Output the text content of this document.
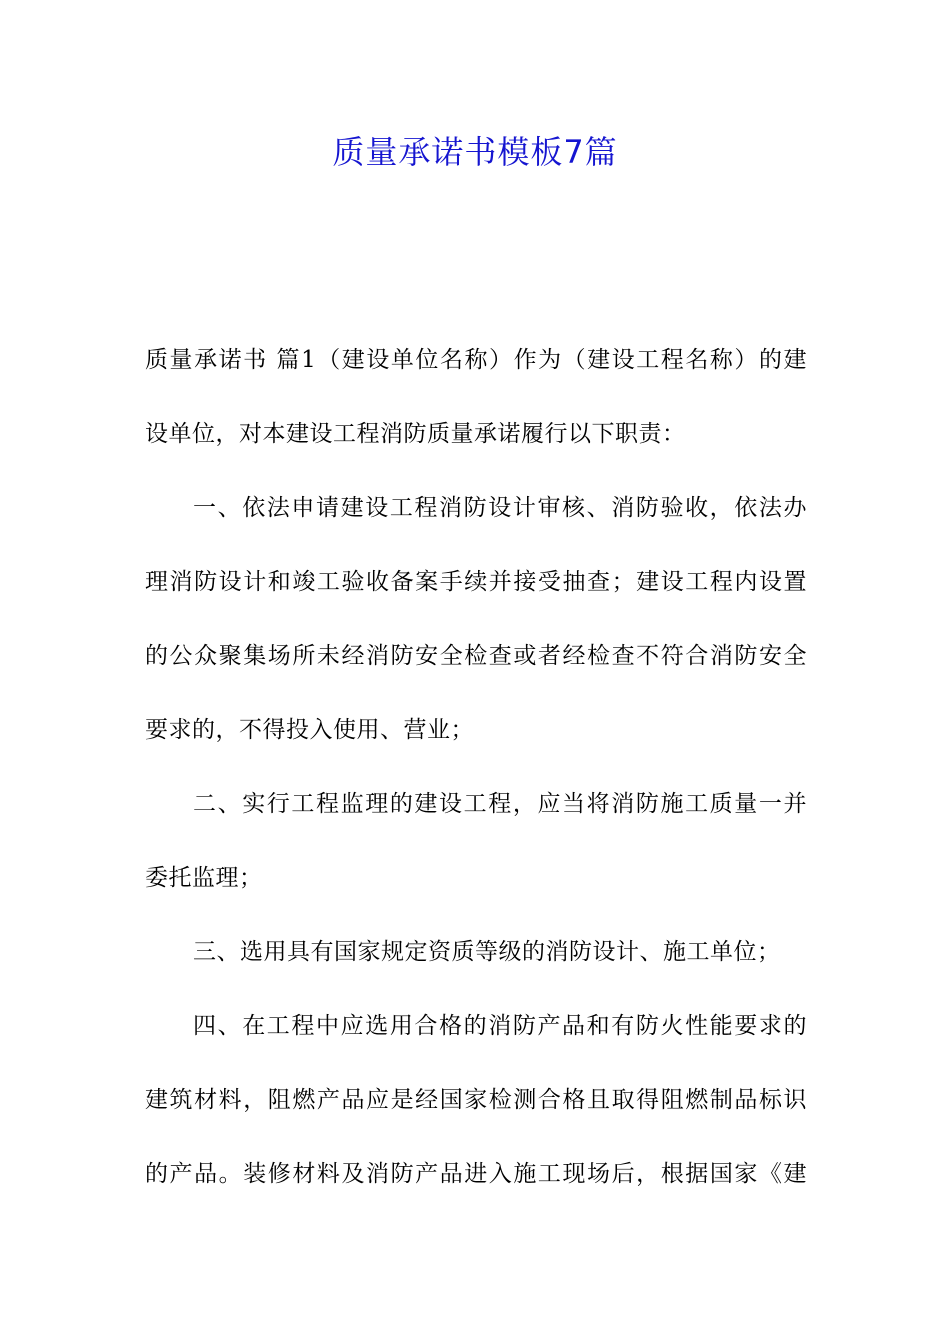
质量承诺书模板7篇
质量承诺书 篇1（建设单位名称）作为（建设工程名称）的建
设单位，对本建设工程消防质量承诺履行以下职责：
一、依法申请建设工程消防设计审核、消防验收，依法办
理消防设计和竣工验收备案手续并接受抽查；建设工程内设置
的公众聚集场所未经消防安全检查或者经检查不符合消防安全
要求的，不得投入使用、营业；
二、实行工程监理的建设工程，应当将消防施工质量一并
委托监理；
三、选用具有国家规定资质等级的消防设计、施工单位；
四、在工程中应选用合格的消防产品和有防火性能要求的
建筑材料，阻燃产品应是经国家检测合格且取得阻燃制品标识
的产品。装修材料及消防产品进入施工现场后，根据国家《建
